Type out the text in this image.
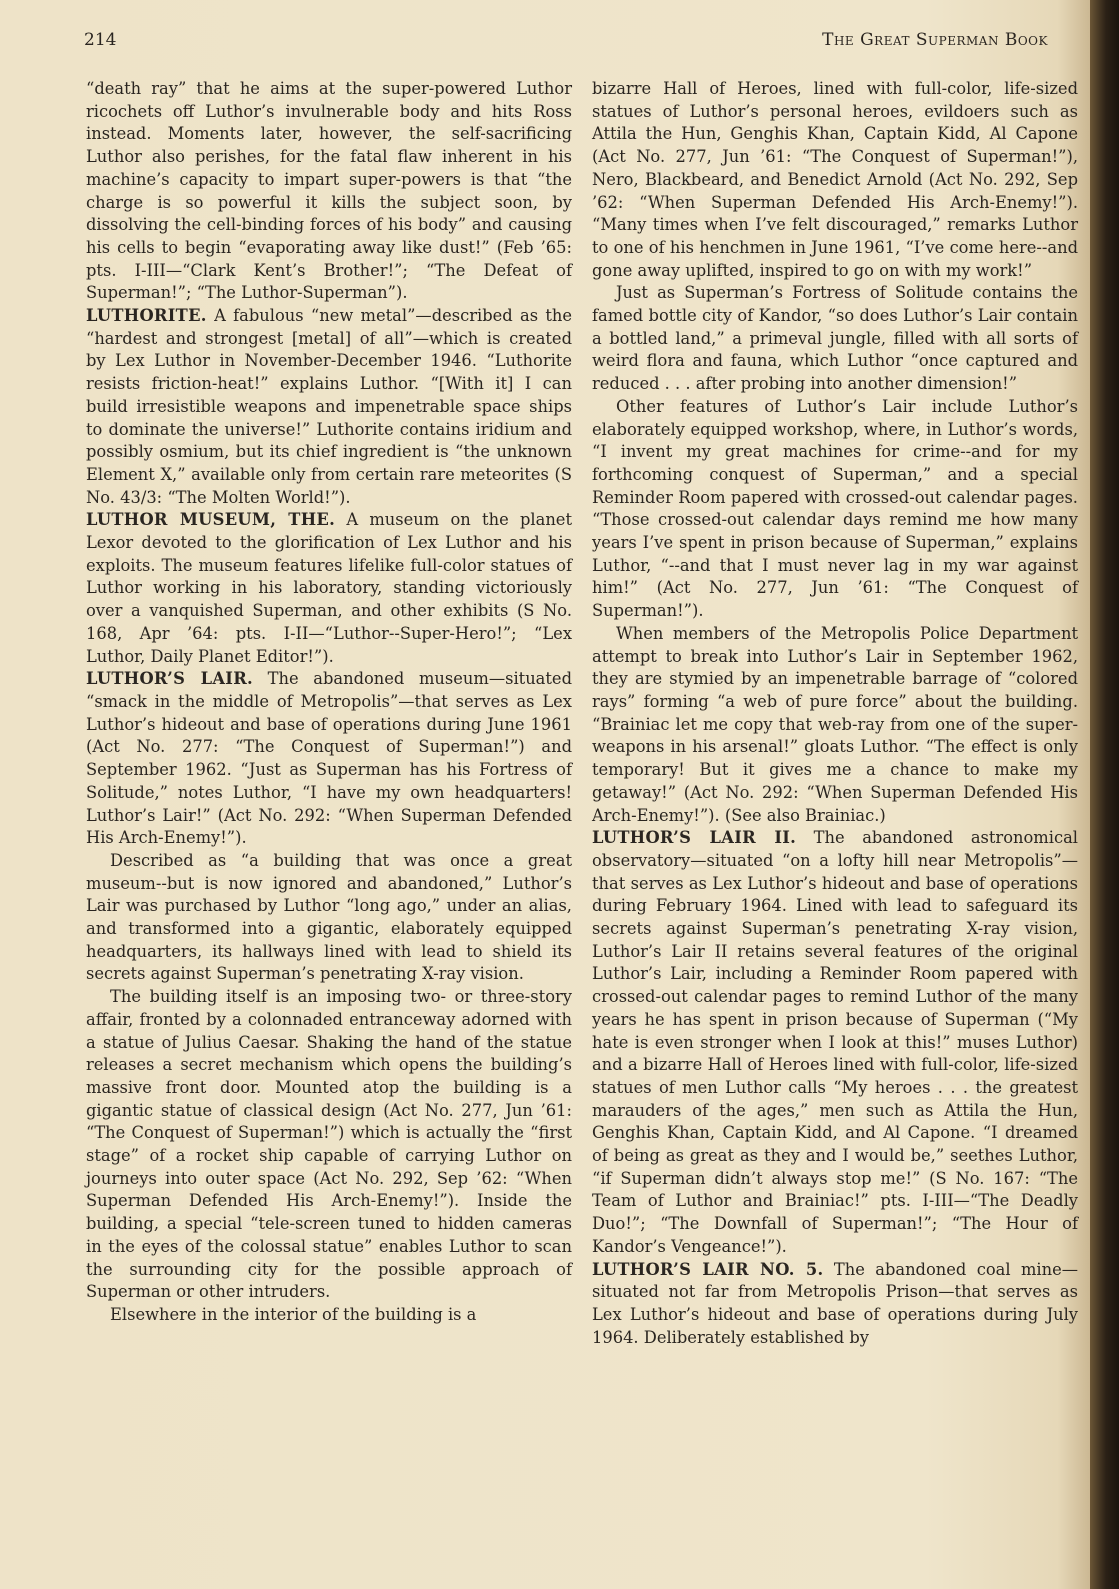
214	The Great Superman Book

“death ray” that he aims at the super-powered Luthor ricochets off Luthor’s invulnerable body and hits Ross instead. Moments later, however, the self-sacrificing Luthor also perishes, for the fatal flaw inherent in his machine’s capacity to impart super-powers is that “the charge is so powerful it kills the subject soon, by dissolving the cell-binding forces of his body” and causing his cells to begin “evaporating away like dust!” (Feb ’65: pts. I-III—“Clark Kent’s Brother!”; “The Defeat of Superman!”; “The Luthor-Superman”).

LUTHORITE. A fabulous “new metal”—described as the “hardest and strongest [metal] of all”—which is created by Lex Luthor in November-December 1946. “Luthorite resists friction-heat!” explains Luthor. “[With it] I can build irresistible weapons and impenetrable space ships to dominate the universe!” Luthorite contains iridium and possibly osmium, but its chief ingredient is “the unknown Element X,” available only from certain rare meteorites (S No. 43/3: “The Molten World!”).

LUTHOR MUSEUM, THE. A museum on the planet Lexor devoted to the glorification of Lex Luthor and his exploits. The museum features lifelike full-color statues of Luthor working in his laboratory, standing victoriously over a vanquished Superman, and other exhibits (S No. 168, Apr ’64: pts. I-II—“Luthor--Super-Hero!”; “Lex Luthor, Daily Planet Editor!”).

LUTHOR’S LAIR. The abandoned museum—situated “smack in the middle of Metropolis”—that serves as Lex Luthor’s hideout and base of operations during June 1961 (Act No. 277: “The Conquest of Superman!”) and September 1962. “Just as Superman has his Fortress of Solitude,” notes Luthor, “I have my own headquarters! Luthor’s Lair!” (Act No. 292: “When Superman Defended His Arch-Enemy!”).

Described as “a building that was once a great museum--but is now ignored and abandoned,” Luthor’s Lair was purchased by Luthor “long ago,” under an alias, and transformed into a gigantic, elaborately equipped headquarters, its hallways lined with lead to shield its secrets against Superman’s penetrating X-ray vision.

The building itself is an imposing two- or three-story affair, fronted by a colonnaded entranceway adorned with a statue of Julius Caesar. Shaking the hand of the statue releases a secret mechanism which opens the building’s massive front door. Mounted atop the building is a gigantic statue of classical design (Act No. 277, Jun ’61: “The Conquest of Superman!”) which is actually the “first stage” of a rocket ship capable of carrying Luthor on journeys into outer space (Act No. 292, Sep ’62: “When Superman Defended His Arch-Enemy!”). Inside the building, a special “tele-screen tuned to hidden cameras in the eyes of the colossal statue” enables Luthor to scan the surrounding city for the possible approach of Superman or other intruders.

Elsewhere in the interior of the building is a

bizarre Hall of Heroes, lined with full-color, life-sized statues of Luthor’s personal heroes, evildoers such as Attila the Hun, Genghis Khan, Captain Kidd, Al Capone (Act No. 277, Jun ’61: “The Conquest of Superman!”), Nero, Blackbeard, and Benedict Arnold (Act No. 292, Sep ’62: “When Superman Defended His Arch-Enemy!”). “Many times when I’ve felt discouraged,” remarks Luthor to one of his henchmen in June 1961, “I’ve come here--and gone away uplifted, inspired to go on with my work!”

Just as Superman’s Fortress of Solitude contains the famed bottle city of Kandor, “so does Luthor’s Lair contain a bottled land,” a primeval jungle, filled with all sorts of weird flora and fauna, which Luthor “once captured and reduced . . . after probing into another dimension!”

Other features of Luthor’s Lair include Luthor’s elaborately equipped workshop, where, in Luthor’s words, “I invent my great machines for crime--and for my forthcoming conquest of Superman,” and a special Reminder Room papered with crossed-out calendar pages. “Those crossed-out calendar days remind me how many years I’ve spent in prison because of Superman,” explains Luthor, “--and that I must never lag in my war against him!” (Act No. 277, Jun ’61: “The Conquest of Superman!”).

When members of the Metropolis Police Department attempt to break into Luthor’s Lair in September 1962, they are stymied by an impenetrable barrage of “colored rays” forming “a web of pure force” about the building. “Brainiac let me copy that web-ray from one of the super-weapons in his arsenal!” gloats Luthor. “The effect is only temporary! But it gives me a chance to make my getaway!” (Act No. 292: “When Superman Defended His Arch-Enemy!”). (See also Brainiac.)

LUTHOR’S LAIR II. The abandoned astronomical observatory—situated “on a lofty hill near Metropolis”—that serves as Lex Luthor’s hideout and base of operations during February 1964. Lined with lead to safeguard its secrets against Superman’s penetrating X-ray vision, Luthor’s Lair II retains several features of the original Luthor’s Lair, including a Reminder Room papered with crossed-out calendar pages to remind Luthor of the many years he has spent in prison because of Superman (“My hate is even stronger when I look at this!” muses Luthor) and a bizarre Hall of Heroes lined with full-color, life-sized statues of men Luthor calls “My heroes . . . the greatest marauders of the ages,” men such as Attila the Hun, Genghis Khan, Captain Kidd, and Al Capone. “I dreamed of being as great as they and I would be,” seethes Luthor, “if Superman didn’t always stop me!” (S No. 167: “The Team of Luthor and Brainiac!” pts. I-III—“The Deadly Duo!”; “The Downfall of Superman!”; “The Hour of Kandor’s Vengeance!”).

LUTHOR’S LAIR NO. 5. The abandoned coal mine—situated not far from Metropolis Prison—that serves as Lex Luthor’s hideout and base of operations during July 1964. Deliberately established by
